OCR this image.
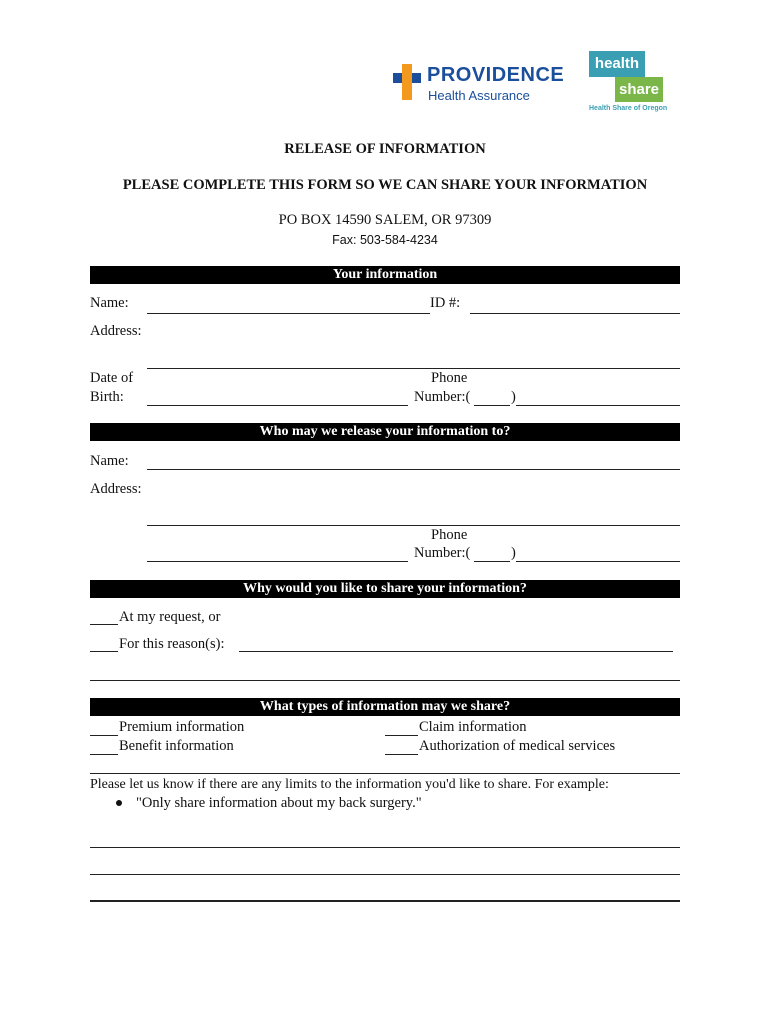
PROVIDENCE
Health Assurance
health
share
Health Share of Oregon
RELEASE OF INFORMATION
PLEASE COMPLETE THIS FORM SO WE CAN SHARE YOUR INFORMATION
PO BOX 14590 SALEM, OR 97309
Fax: 503-584-4234
Your information
Name:	ID #:
Address:
Date of
Birth:
Phone
Number:(	)
Who may we release your information to?
Name:
Address:
Phone
Number:(	)
Why would you like to share your information?
At my request, or
For this reason(s):
What types of information may we share?
Premium information	Claim information
Benefit information	Authorization of medical services
Please let us know if there are any limits to the information you'd like to share. For example:
"Only share information about my back surgery."
